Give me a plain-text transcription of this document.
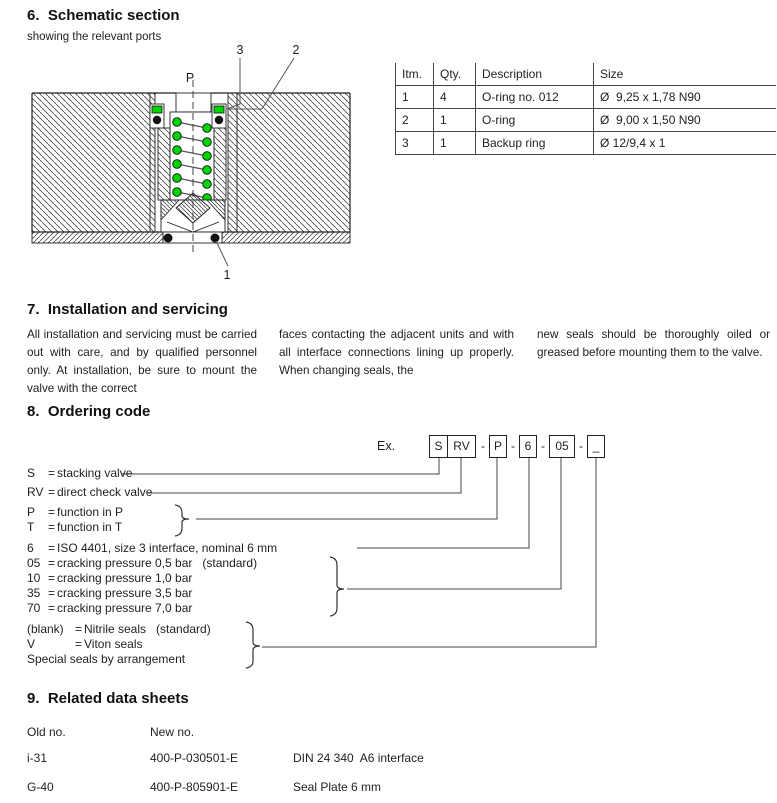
6.  Schematic section
showing the relevant ports
P
3	2
1
Itm.	Qty.	Description	Size
1	4	O-ring no. 012	Ø  9,25 x 1,78 N90
2	1	O-ring	Ø  9,00 x 1,50 N90
3	1	Backup ring	Ø 12/9,4 x 1
7.  Installation and servicing
All installation and servicing must be carried out with care, and by qualified personnel only. At installation, be sure to mount the valve with the correct
faces contacting the adjacent units and with all interface connections lining up properly. When changing seals, the
new seals should be thoroughly oiled or greased before mounting them to the valve.
8.  Ordering code
Ex.	S RV - P - 6 - 05 - _
S = stacking valve
RV = direct check valve
P = function in P
T = function in T
6 = ISO 4401, size 3 interface, nominal 6 mm
05 = cracking pressure 0,5 bar   (standard)
10 = cracking pressure 1,0 bar
35 = cracking pressure 3,5 bar
70 = cracking pressure 7,0 bar
(blank) = Nitrile seals   (standard)
V	= Viton seals
Special seals by arrangement
9.  Related data sheets
Old no.	New no.
i-31	400-P-030501-E	DIN 24 340  A6 interface
G-40	400-P-805901-E	Seal Plate 6 mm
